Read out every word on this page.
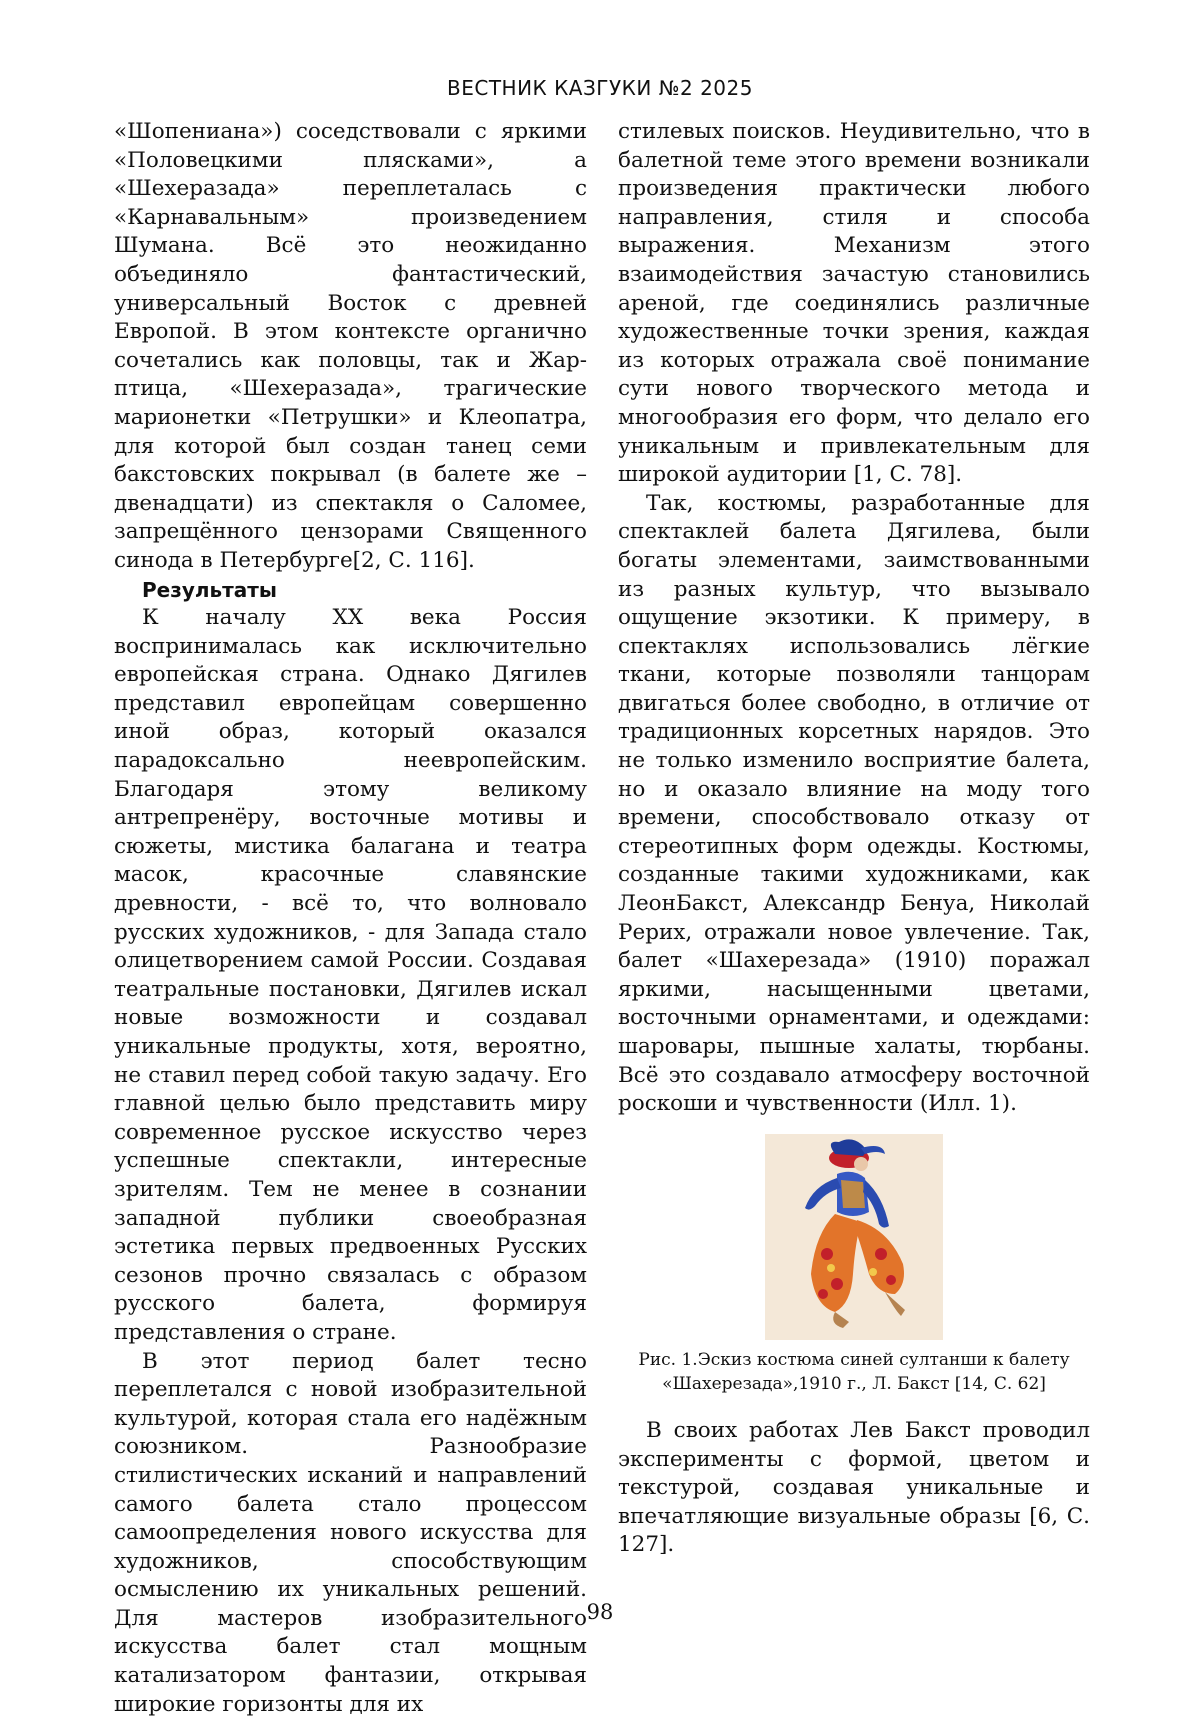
ВЕСТНИК КАЗГУКИ №2 2025

«Шопениана») соседствовали с яркими «Половецкими плясками», а «Шехеразада» переплеталась с «Карнавальным» произведением Шумана. Всё это неожиданно объединяло фантастический, универсальный Восток с древней Европой. В этом контексте органично сочетались как половцы, так и Жар-птица, «Шехеразада», трагические марионетки «Петрушки» и Клеопатра, для которой был создан танец семи бакстовских покрывал (в балете же – двенадцати) из спектакля о Саломее, запрещённого цензорами Священного синода в Петербурге[2, С. 116].

Результаты

К началу XX века Россия воспринималась как исключительно европейская страна. Однако Дягилев представил европейцам совершенно иной образ, который оказался парадоксально неевропейским. Благодаря этому великому антрепренёру, восточные мотивы и сюжеты, мистика балагана и театра масок, красочные славянские древности, - всё то, что волновало русских художников, - для Запада стало олицетворением самой России. Создавая театральные постановки, Дягилев искал новые возможности и создавал уникальные продукты, хотя, вероятно, не ставил перед собой такую задачу. Его главной целью было представить миру современное русское искусство через успешные спектакли, интересные зрителям. Тем не менее в сознании западной публики своеобразная эстетика первых предвоенных Русских сезонов прочно связалась с образом русского балета, формируя представления о стране.

В этот период балет тесно переплетался с новой изобразительной культурой, которая стала его надёжным союзником. Разнообразие стилистических исканий и направлений самого балета стало процессом самоопределения нового искусства для художников, способствующим осмыслению их уникальных решений. Для мастеров изобразительного искусства балет стал мощным катализатором фантазии, открывая широкие горизонты для их

стилевых поисков. Неудивительно, что в балетной теме этого времени возникали произведения практически любого направления, стиля и способа выражения. Механизм этого взаимодействия зачастую становились ареной, где соединялись различные художественные точки зрения, каждая из которых отражала своё понимание сути нового творческого метода и многообразия его форм, что делало его уникальным и привлекательным для широкой аудитории [1, С. 78].

Так, костюмы, разработанные для спектаклей балета Дягилева, были богаты элементами, заимствованными из разных культур, что вызывало ощущение экзотики. К примеру, в спектаклях использовались лёгкие ткани, которые позволяли танцорам двигаться более свободно, в отличие от традиционных корсетных нарядов. Это не только изменило восприятие балета, но и оказало влияние на моду того времени, способствовало отказу от стереотипных форм одежды. Костюмы, созданные такими художниками, как ЛеонБакст, Александр Бенуа, Николай Рерих, отражали новое увлечение. Так, балет «Шахерезада» (1910) поражал яркими, насыщенными цветами, восточными орнаментами, и одеждами: шаровары, пышные халаты, тюрбаны. Всё это создавало атмосферу восточной роскоши и чувственности (Илл. 1).

Рис. 1.Эскиз костюма синей султанши к балету
«Шахерезада»,1910 г., Л. Бакст [14, С. 62]

В своих работах Лев Бакст проводил эксперименты с формой, цветом и текстурой, создавая уникальные и впечатляющие визуальные образы [6, С. 127].

98
